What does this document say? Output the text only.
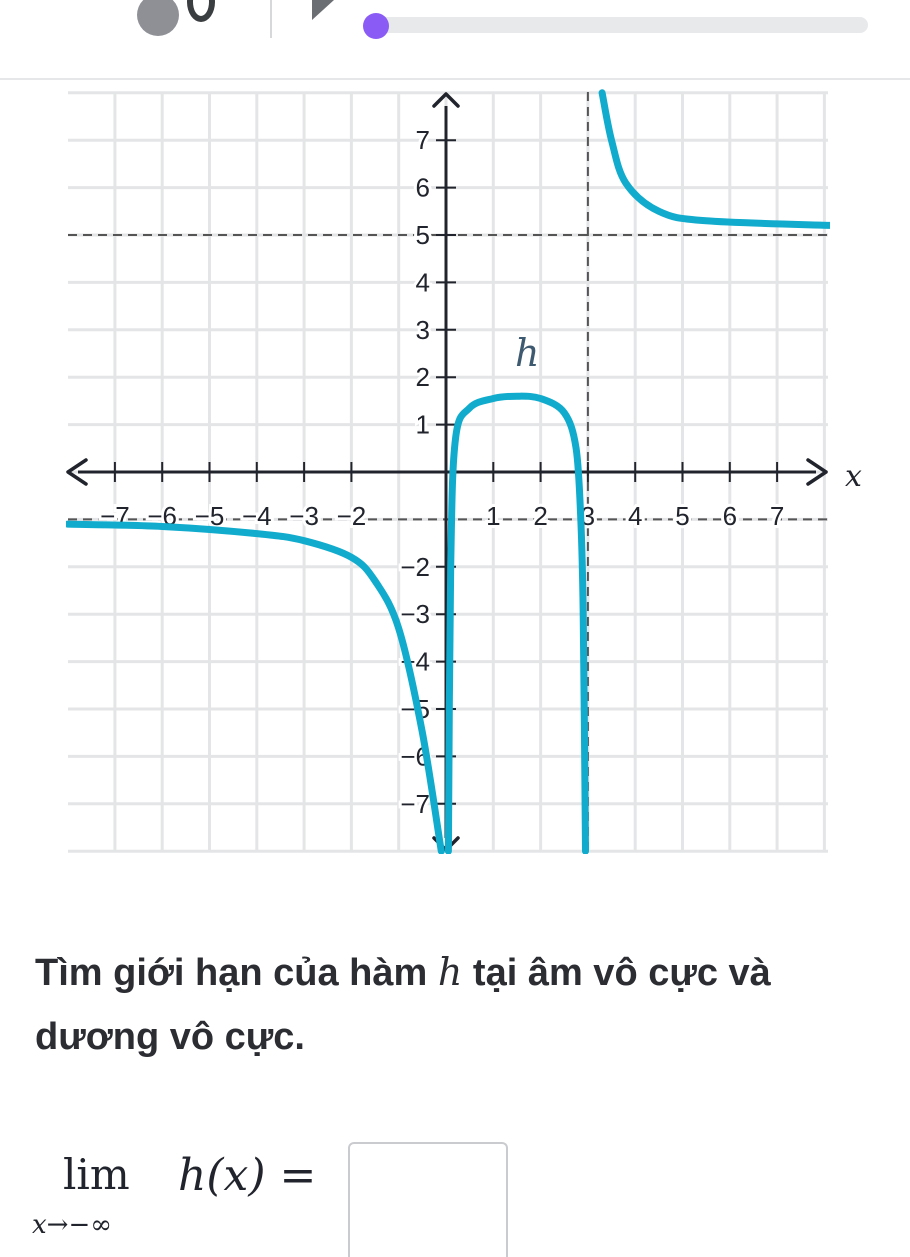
−7 −6 −5 −4 −3 −2	1 2 3 4 5 6 7
7
6
5
4
3
2
1
−2
−3
−4
−5
−6
−7
h
x
Tìm giới hạn của hàm h tại âm vô cực và dương vô cực.
lim
x→−∞
h(x) =
